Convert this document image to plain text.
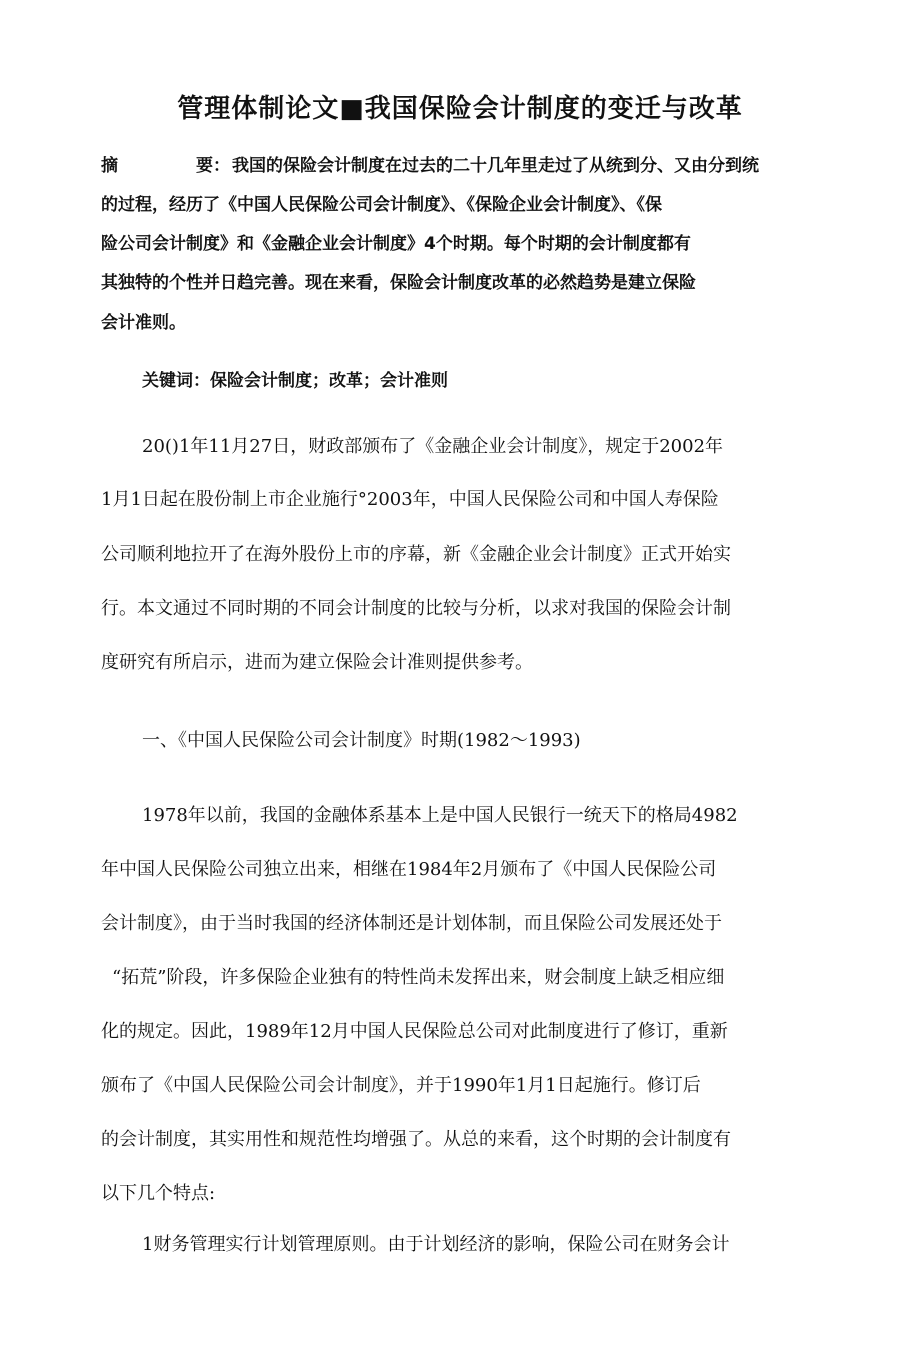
管理体制论文■我国保险会计制度的变迁与改革
摘	要： 我国的保险会计制度在过去的二十几年里走过了从统到分、又由分到统
的过程，经历了《中国人民保险公司会计制度》、《保险企业会计制度》、《保
险公司会计制度》和《金融企业会计制度》4个时期。每个时期的会计制度都有
其独特的个性并日趋完善。现在来看，保险会计制度改革的必然趋势是建立保险
会计准则。
关键词：保险会计制度；改革；会计准则
20()1年11月27日，财政部颁布了《金融企业会计制度》，规定于2002年
1月1日起在股份制上市企业施行°2003年，中国人民保险公司和中国人寿保险
公司顺利地拉开了在海外股份上市的序幕，新《金融企业会计制度》正式开始实
行。本文通过不同时期的不同会计制度的比较与分析，以求对我国的保险会计制
度研究有所启示，进而为建立保险会计准则提供参考。
一、《中国人民保险公司会计制度》时期(1982～1993)
1978年以前，我国的金融体系基本上是中国人民银行一统天下的格局4982
年中国人民保险公司独立出来，相继在1984年2月颁布了《中国人民保险公司
会计制度》，由于当时我国的经济体制还是计划体制，而且保险公司发展还处于
“拓荒”阶段，许多保险企业独有的特性尚未发挥出来，财会制度上缺乏相应细
化的规定。因此，1989年12月中国人民保险总公司对此制度进行了修订，重新
颁布了《中国人民保险公司会计制度》，并于1990年1月1日起施行。修订后
的会计制度，其实用性和规范性均增强了。从总的来看，这个时期的会计制度有
以下几个特点:
1财务管理实行计划管理原则。由于计划经济的影响，保险公司在财务会计
